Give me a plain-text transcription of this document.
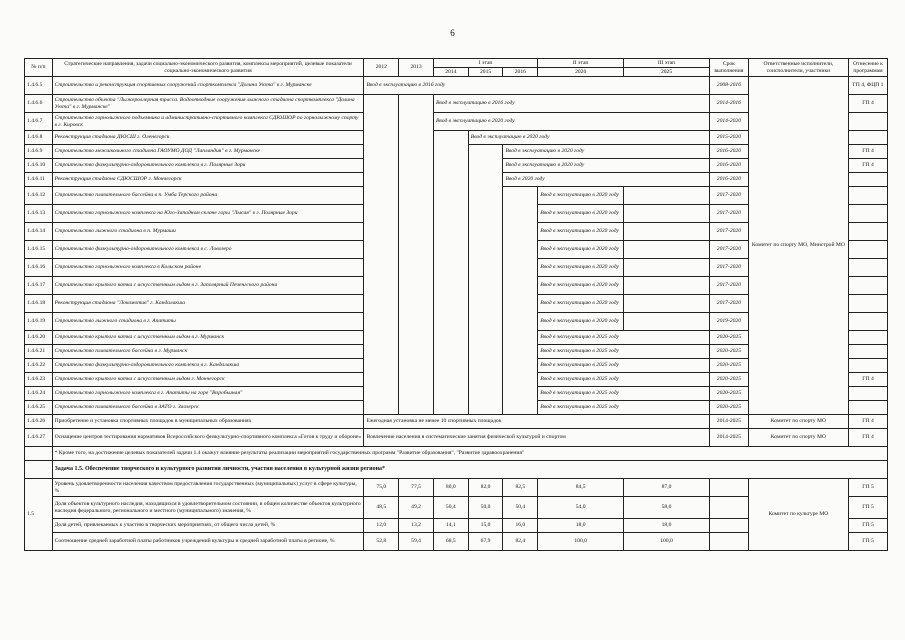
6
№ п/п	Стратегические направления, задачи социально-экономического развития, комплексы мероприятий, целевые показатели социально-экономического развития	2012	2013	I этап			II этап	III этап	Срок выполнения	Ответственные исполнители, соисполнители, участники	Отнесение к программам
				2014	2015	2016	2020	2025			
1.4.6.5	Строительство и реконструкция спортивных сооружений спорткомплекса "Долина Уюта" в г. Мурманске	Ввод в эксплуатацию в 2016 году							2008-2016	Комитет по спорту МО, Минстрой МО	ГП 4, ФЦП 1
1.4.6.6	Строительство объекта "Лыжероллерная трасса. Водоотводные сооружения лыжного стадиона спорткомплекса "Долина Уюта" в г. Мурманске"			Ввод в эксплуатацию в 2016 году					2014-2016		ГП 4
1.4.6.7	Строительство горнолыжного подъемника и административно-спортивного комплекса СДЮШОР по горнолыжному спорту в г. Кировск			Ввод в эксплуатацию в 2020 году					2014-2020		
1.4.6.8	Реконструкция стадиона ДЮСШ г. Оленегорск				Ввод в эксплуатацию в 2020 году				2015-2020		
1.4.6.9	Строительство межшкольного стадиона ГАОУМО ДОД "Лапландия" в г. Мурманске					Ввод в эксплуатацию в 2020 году			2016-2020		ГП 4
1.4.6.10	Строительство физкультурно-оздоровительного комплекса в г. Полярные Зори					Ввод в эксплуатацию в 2020 году			2016-2020		ГП 4
1.4.6.11	Реконструкция стадиона СДЮСШОР г. Мончегорск					Ввод в 2020 году			2016-2020		
1.4.6.12	Строительство плавательного бассейна в п. Умба Терского района						Ввод в эксплуатацию в 2020 году		2017-2020		
1.4.6.13	Строительство горнолыжного комплекса на Юго-Западном склоне горы "Лысая" в г. Полярные Зори						Ввод в эксплуатацию в 2020 году		2017-2020		
1.4.6.14	Строительство лыжного стадиона в п. Мурмаши						Ввод в эксплуатацию в 2020 году		2017-2020		
1.4.6.15	Строительство физкультурно-оздоровительного комплекса в с. Ловозеро						Ввод в эксплуатацию в 2020 году		2017-2020		
1.4.6.16	Строительство горнолыжного комплекса в Кольском районе						Ввод в эксплуатацию в 2020 году		2017-2020		
1.4.6.17	Строительство крытого катка с искусственным льдом в г. Заполярный Печенгского района						Ввод в эксплуатацию в 2020 году		2017-2020		
1.4.6.18	Реконструкция стадиона "Локомотив" г. Кандалакша						Ввод в эксплуатацию в 2020 году		2017-2020		
1.4.6.19	Строительство лыжного стадиона в г. Апатиты						Ввод в эксплуатацию в 2020 году		2019-2020		
1.4.6.20	Строительство крытого катка с искусственным льдом в г. Мурманск						Ввод в эксплуатацию в 2025 году		2020-2025		
1.4.6.21	Строительство плавательного бассейна в г. Мурманск						Ввод в эксплуатацию в 2025 году		2020-2025		
1.4.6.22	Строительство физкультурно-оздоровительного комплекса в г. Кандалакша						Ввод в эксплуатацию в 2025 году		2020-2025		
1.4.6.23	Строительство крытого катка с искусственным льдом г. Мончегорск						Ввод в эксплуатацию в 2025 году		2020-2025		ГП 4
1.4.6.24	Строительство горнолыжного комплекса в г. Апатиты на горе "Воробьиная"						Ввод в эксплуатацию в 2025 году		2020-2025		
1.4.6.25	Строительство плавательного бассейна в ЗАТО г. Заозерск						Ввод в эксплуатацию в 2025 году		2020-2025		
1.4.6.26	Приобретение и установка спортивных площадок в муниципальных образованиях	Ежегодная установка не менее 10 спортивных площадок							2014-2025	Комитет по спорту МО	ГП 4
1.4.6.27	Оснащение центров тестирования нормативов Всероссийского физкультурно-спортивного комплекса «Готов к труду и обороне»	Вовлечение населения в систематические занятия физической культурой и спортом							2014-2025	Комитет по спорту МО	ГП 4
	* Кроме того, на достижение целевых показателей задачи 1.4 окажут влияние результаты реализации мероприятий государственных программ "Развитие образования", "Развитие здравоохранения"										
	Задача 1.5. Обеспечение творческого и культурного развития личности, участия населения в культурной жизни региона*										
1.5	Уровень удовлетворенности населения качеством предоставления государственных (муниципальных) услуг в сфере культуры, %	75,0	77,5	80,0	82,0	82,5	84,5	87,0		Комитет по культуре МО	ГП 5
	Доля объектов культурного наследия, находящихся в удовлетворительном состоянии, в общем количестве объектов культурного наследия федерального, регионального и местного (муниципального) значения, %	48,5	49,2	50,4	50,0	50,4	54,0	58,0			ГП 5
	Доля детей, привлекаемых к участию в творческих мероприятиях, от общего числа детей, %	12,0	13,2	14,1	15,0	16,0	18,0	18,0			ГП 5
	Соотношение средней заработной платы работников учреждений культуры и средней заработной платы в регионе, %	52,8	59,4	68,5	67,9	82,4	100,0	100,0			ГП 5
